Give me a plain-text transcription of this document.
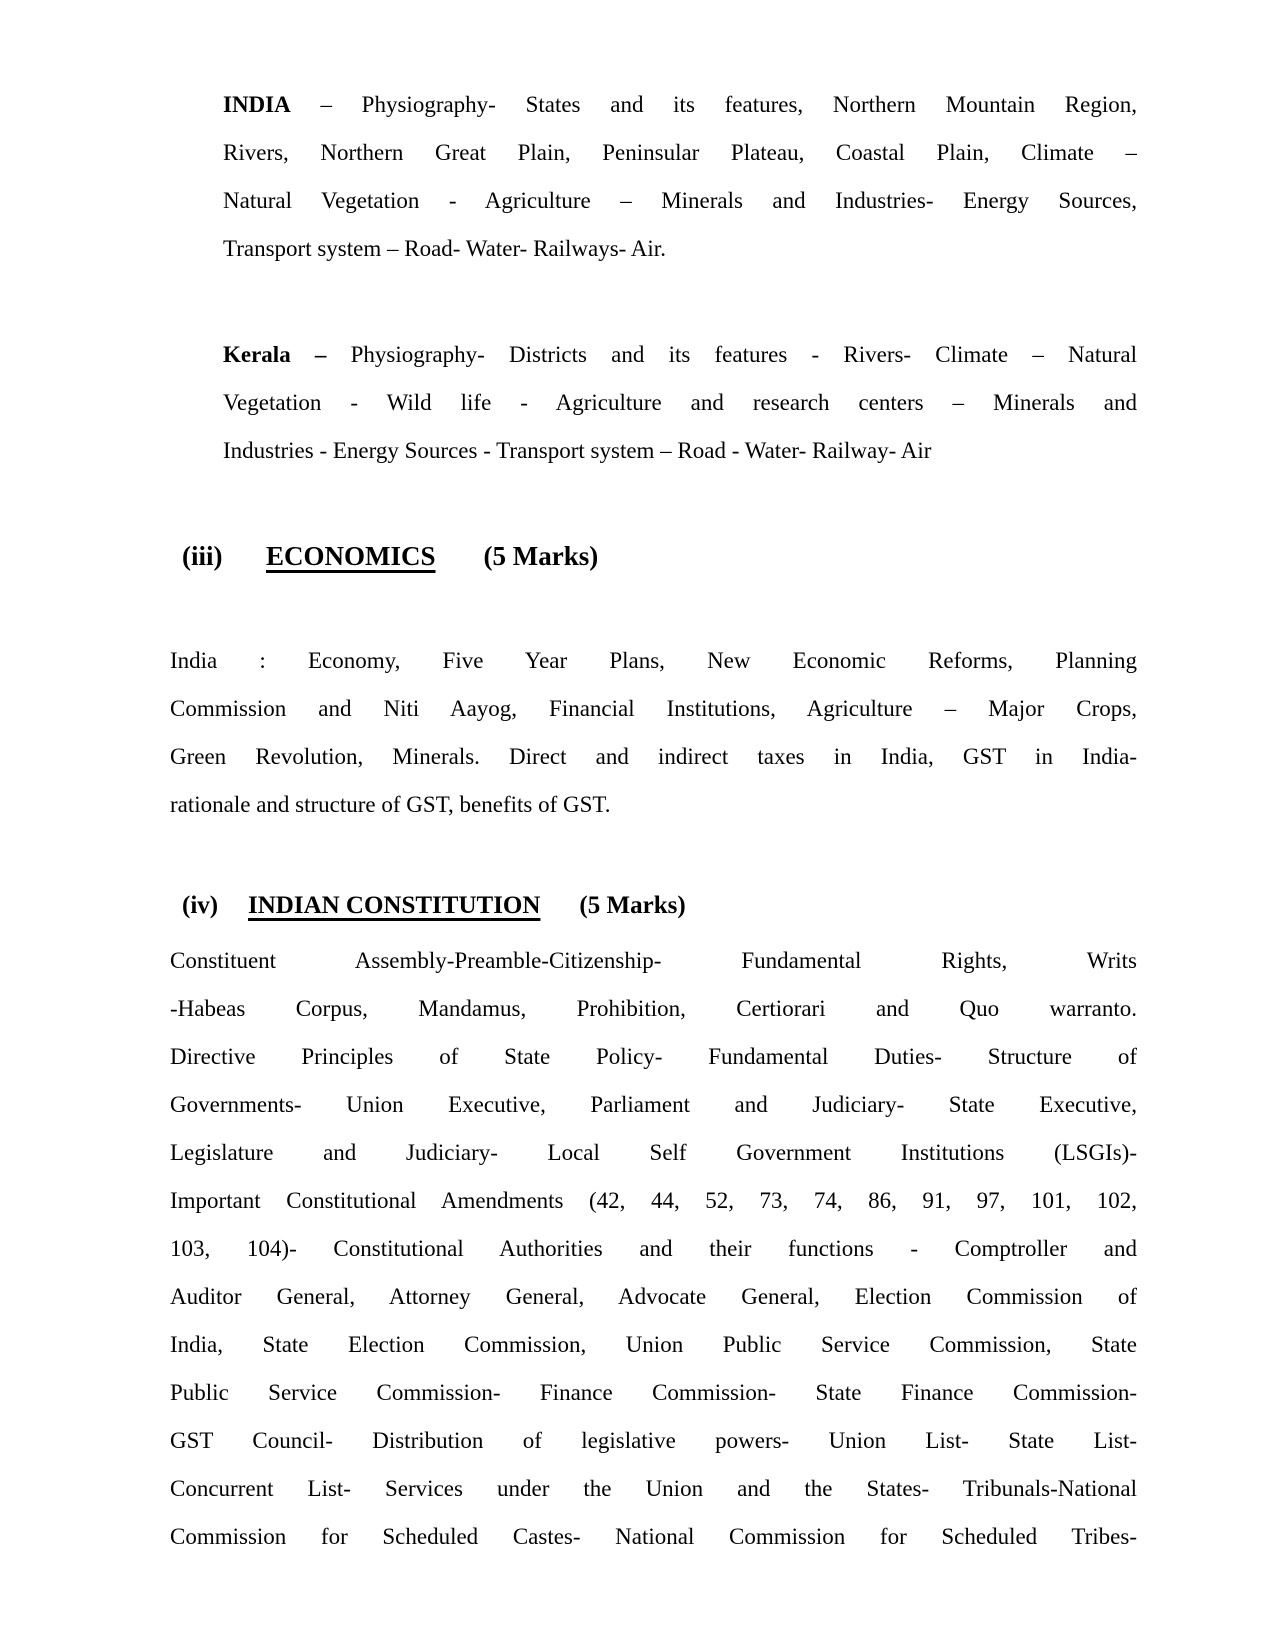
INDIA – Physiography- States and its features, Northern Mountain Region,
Rivers, Northern Great Plain, Peninsular Plateau, Coastal Plain, Climate –
Natural Vegetation - Agriculture – Minerals and Industries- Energy Sources,
Transport system – Road- Water- Railways- Air.
Kerala – Physiography- Districts and its features - Rivers- Climate – Natural
Vegetation - Wild life - Agriculture and research centers – Minerals and
Industries - Energy Sources - Transport system – Road - Water- Railway- Air
(iii) ECONOMICS (5 Marks)
India : Economy, Five Year Plans, New Economic Reforms, Planning
Commission and Niti Aayog, Financial Institutions, Agriculture – Major Crops,
Green Revolution, Minerals. Direct and indirect taxes in India, GST in India-
rationale and structure of GST, benefits of GST.
(iv) INDIAN CONSTITUTION (5 Marks)
Constituent Assembly-Preamble-Citizenship- Fundamental Rights, Writs
-Habeas Corpus, Mandamus, Prohibition, Certiorari and Quo warranto.
Directive Principles of State Policy- Fundamental Duties- Structure of
Governments- Union Executive, Parliament and Judiciary- State Executive,
Legislature and Judiciary- Local Self Government Institutions (LSGIs)-
Important Constitutional Amendments (42, 44, 52, 73, 74, 86, 91, 97, 101, 102,
103, 104)- Constitutional Authorities and their functions - Comptroller and
Auditor General, Attorney General, Advocate General, Election Commission of
India, State Election Commission, Union Public Service Commission, State
Public Service Commission- Finance Commission- State Finance Commission-
GST Council- Distribution of legislative powers- Union List- State List-
Concurrent List- Services under the Union and the States- Tribunals-National
Commission for Scheduled Castes- National Commission for Scheduled Tribes-
